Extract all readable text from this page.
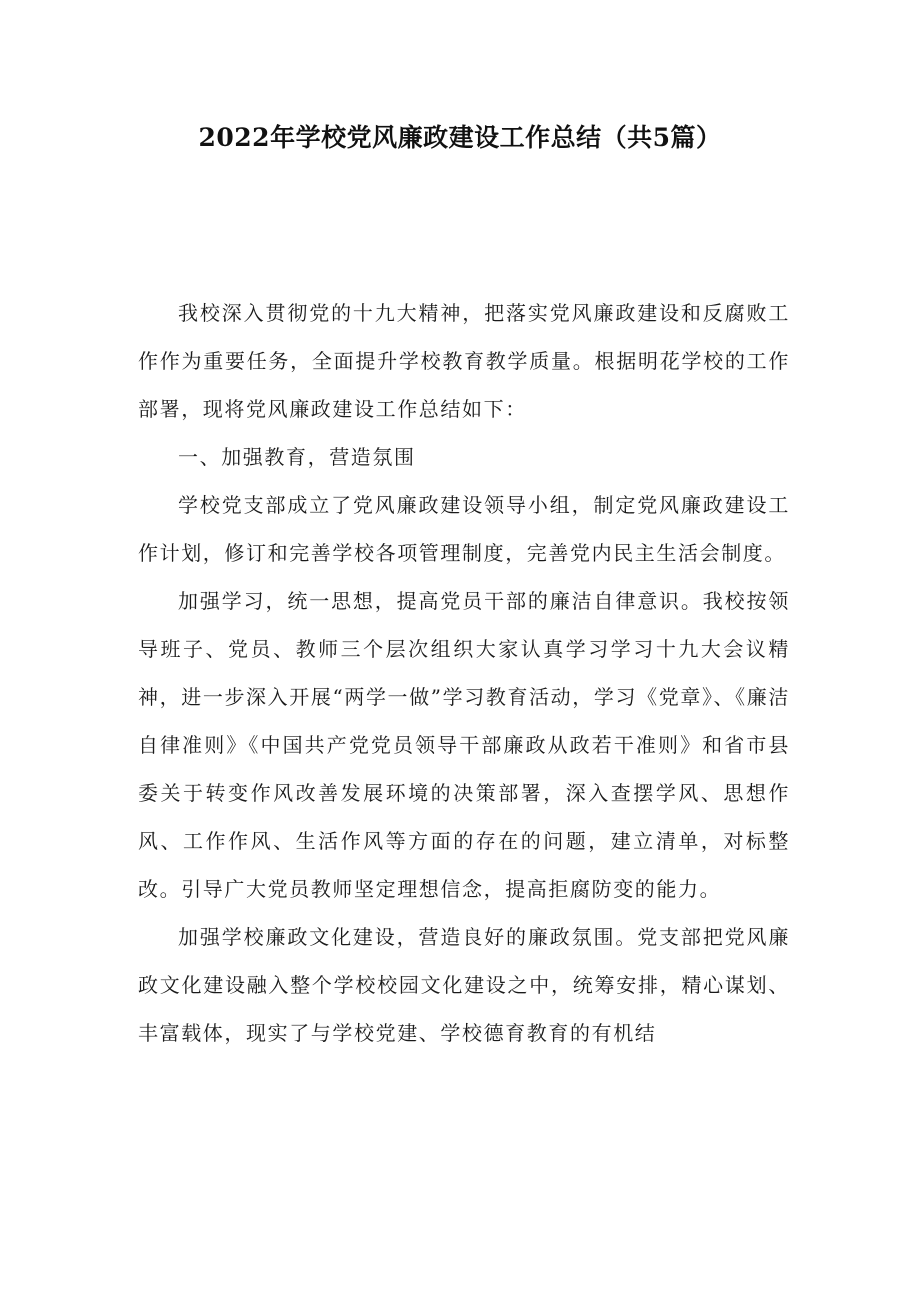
2022年学校党风廉政建设工作总结（共5篇）

我校深入贯彻党的十九大精神，把落实党风廉政建设和反腐败工作作为重要任务，全面提升学校教育教学质量。根据明花学校的工作部署，现将党风廉政建设工作总结如下：

一、加强教育，营造氛围

学校党支部成立了党风廉政建设领导小组，制定党风廉政建设工作计划，修订和完善学校各项管理制度，完善党内民主生活会制度。

加强学习，统一思想，提高党员干部的廉洁自律意识。我校按领导班子、党员、教师三个层次组织大家认真学习学习十九大会议精神，进一步深入开展“两学一做”学习教育活动，学习《党章》、《廉洁自律准则》《中国共产党党员领导干部廉政从政若干准则》和省市县委关于转变作风改善发展环境的决策部署，深入查摆学风、思想作风、工作作风、生活作风等方面的存在的问题，建立清单，对标整改。引导广大党员教师坚定理想信念，提高拒腐防变的能力。

加强学校廉政文化建设，营造良好的廉政氛围。党支部把党风廉政文化建设融入整个学校校园文化建设之中，统筹安排，精心谋划、丰富载体，现实了与学校党建、学校德育教育的有机结
